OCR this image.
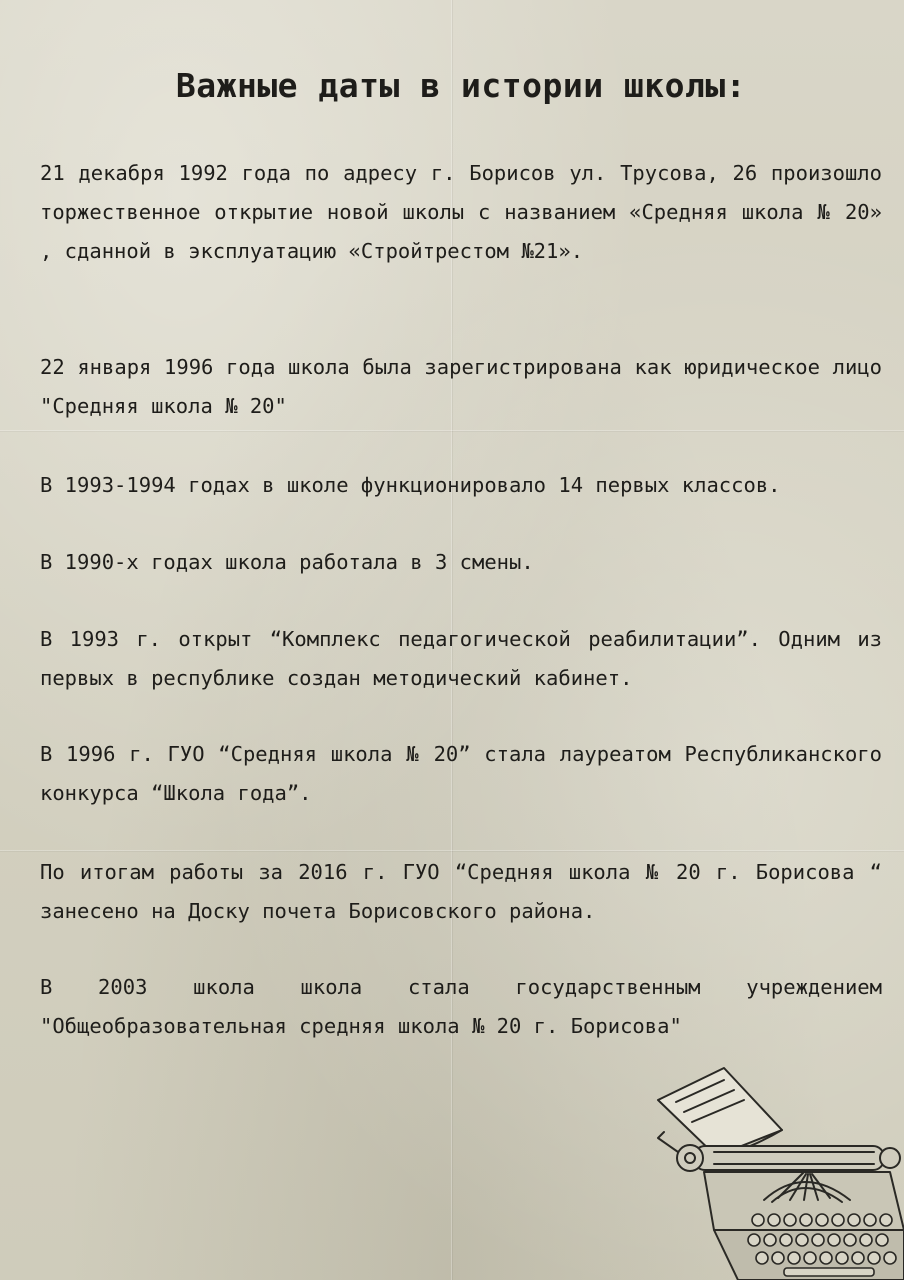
Важные даты в истории школы:

21 декабря 1992 года по адресу г. Борисов ул. Трусова, 26 произошло торжественное открытие новой школы с названием «Средняя школа № 20» , сданной в эксплуатацию «Стройтрестом №21».

22 января 1996 года школа была зарегистрирована как юридическое лицо "Средняя школа № 20"

В 1993-1994 годах в школе функционировало 14 первых классов.

В 1990-х годах школа работала в 3 смены.

В 1993 г. открыт “Комплекс педагогической реабилитации”. Одним из первых в республике создан методический кабинет.

В 1996 г. ГУО “Средняя школа № 20” стала лауреатом Республиканского конкурса “Школа года”.

По итогам работы за 2016 г. ГУО “Средняя школа № 20 г. Борисова “ занесено на Доску почета Борисовского района.

В 2003 школа школа стала государственным учреждением "Общеобразовательная средняя школа № 20 г. Борисова"
